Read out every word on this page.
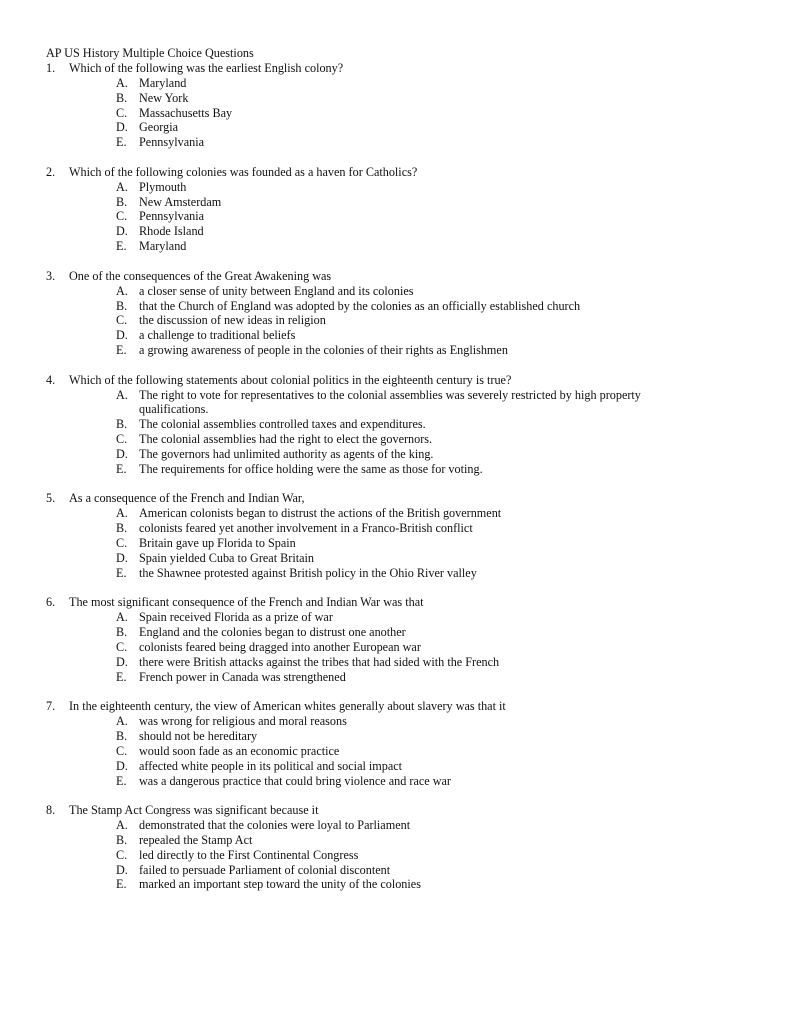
AP US History Multiple Choice Questions
1. Which of the following was the earliest English colony?
A. Maryland
B. New York
C. Massachusetts Bay
D. Georgia
E.	Pennsylvania
2. Which of the following colonies was founded as a haven for Catholics?
A. Plymouth
B. New Amsterdam
C. Pennsylvania
D. Rhode Island
E.	Maryland
3. One of the consequences of the Great Awakening was
A. a closer sense of unity between England and its colonies
B. that the Church of England was adopted by the colonies as an officially established church
C. the discussion of new ideas in religion
D. a challenge to traditional beliefs
E.	a growing awareness of people in the colonies of their rights as Englishmen
4. Which of the following statements about colonial politics in the eighteenth century is true?
A. The right to vote for representatives to the colonial assemblies was severely restricted by high property qualifications.
B. The colonial assemblies controlled taxes and expenditures.
C. The colonial assemblies had the right to elect the governors.
D. The governors had unlimited authority as agents of the king.
E.	The requirements for office holding were the same as those for voting.
5. As a consequence of the French and Indian War,
A. American colonists began to distrust the actions of the British government
B. colonists feared yet another involvement in a Franco-British conflict
C. Britain gave up Florida to Spain
D. Spain yielded Cuba to Great Britain
E.	the Shawnee protested against British policy in the Ohio River valley
6. The most significant consequence of the French and Indian War was that
A. Spain received Florida as a prize of war
B. England and the colonies began to distrust one another
C. colonists feared being dragged into another European war
D. there were British attacks against the tribes that had sided with the French
E.	French power in Canada was strengthened
7. In the eighteenth century, the view of American whites generally about slavery was that it
A. was wrong for religious and moral reasons
B. should not be hereditary
C. would soon fade as an economic practice
D. affected white people in its political and social impact
E.	was a dangerous practice that could bring violence and race war
8. The Stamp Act Congress was significant because it
A. demonstrated that the colonies were loyal to Parliament
B. repealed the Stamp Act
C. led directly to the First Continental Congress
D. failed to persuade Parliament of colonial discontent
E.	marked an important step toward the unity of the colonies
